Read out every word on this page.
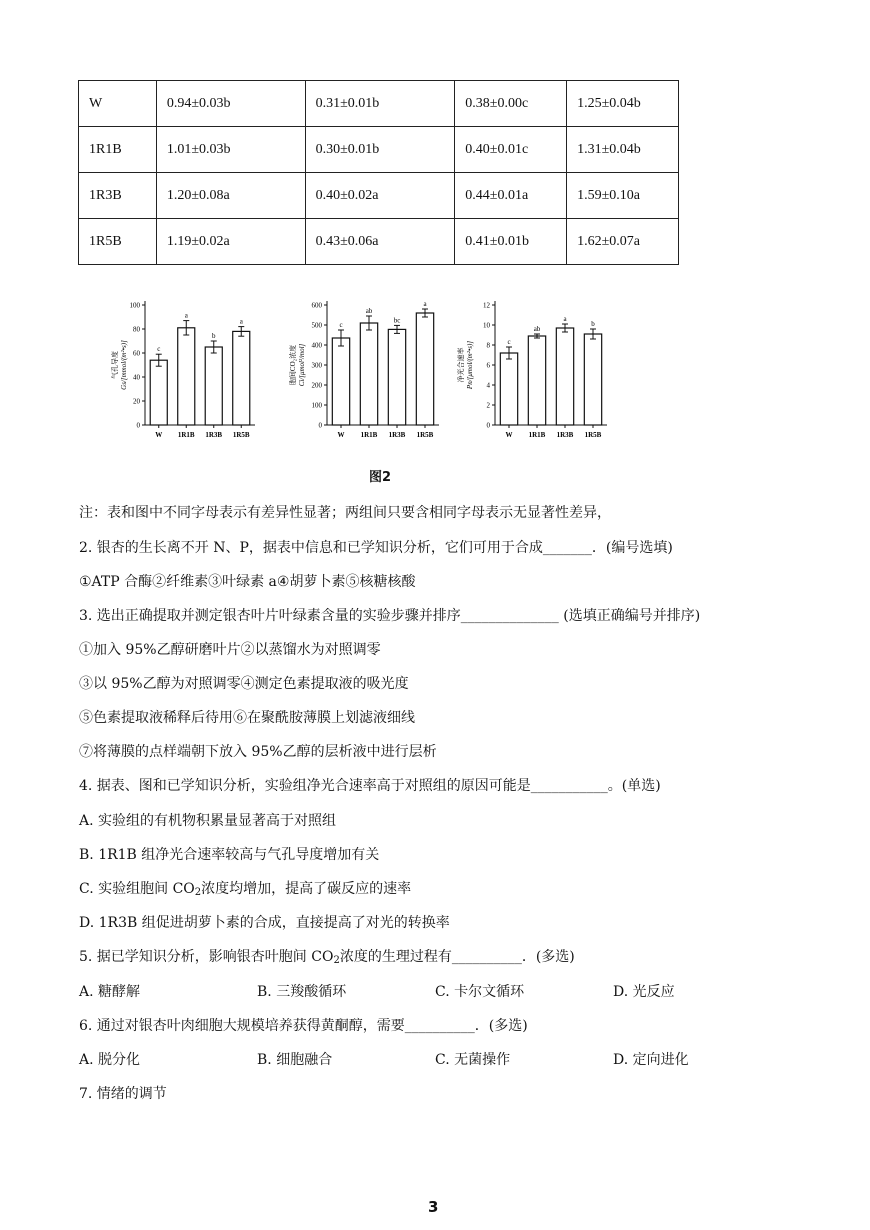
W	0.94±0.03b	0.31±0.01b	0.38±0.00c	1.25±0.04b
1R1B	1.01±0.03b	0.30±0.01b	0.40±0.01c	1.31±0.04b
1R3B	1.20±0.08a	0.40±0.02a	0.44±0.01a	1.59±0.10a
1R5B	1.19±0.02a	0.43±0.06a	0.41±0.01b	1.62±0.07a
0
20
40
60
80
100
气孔导度 Gs/[mmol/(m²•s)]	c
W
a
1R1B
b
1R3B
a
1R5B
0
100
200
300
400
500
600
胞间CO₂浓度 Ci/[μmol²/mol]
c
W
ab
1R1B
bc
1R3B
a
1R5B
0
2
4
6
8
10
12
净光合速率 Pn/[μmol/(m²•s)]	c
W
ab
1R1B
a
1R3B
b
1R5B
图2
注：表和图中不同字母表示有差异性显著；两组间只要含相同字母表示无显著性差异，
2. 银杏的生长离不开 N、P，据表中信息和已学知识分析，它们可用于合成_______．(编号选填)
①ATP 合酶②纤维素③叶绿素 a④胡萝卜素⑤核糖核酸
3. 选出正确提取并测定银杏叶片叶绿素含量的实验步骤并排序______________ (选填正确编号并排序)
①加入 95%乙醇研磨叶片②以蒸馏水为对照调零
③以 95%乙醇为对照调零④测定色素提取液的吸光度
⑤色素提取液稀释后待用⑥在聚酰胺薄膜上划滤液细线
⑦将薄膜的点样端朝下放入 95%乙醇的层析液中进行层析
4. 据表、图和已学知识分析，实验组净光合速率高于对照组的原因可能是___________。(单选)
A. 实验组的有机物积累量显著高于对照组
B. 1R1B 组净光合速率较高与气孔导度增加有关
C. 实验组胞间 $CO_2$浓度均增加，提高了碳反应的速率
D. 1R3B 组促进胡萝卜素的合成，直接提高了对光的转换率
5. 据已学知识分析，影响银杏叶胞间 $CO_2$浓度的生理过程有__________．(多选)
A. 糖酵解	B. 三羧酸循环	C. 卡尔文循环	D. 光反应
6. 通过对银杏叶肉细胞大规模培养获得黄酮醇，需要__________．(多选)
A. 脱分化	B. 细胞融合	C. 无菌操作	D. 定向进化
7. 情绪的调节
3
